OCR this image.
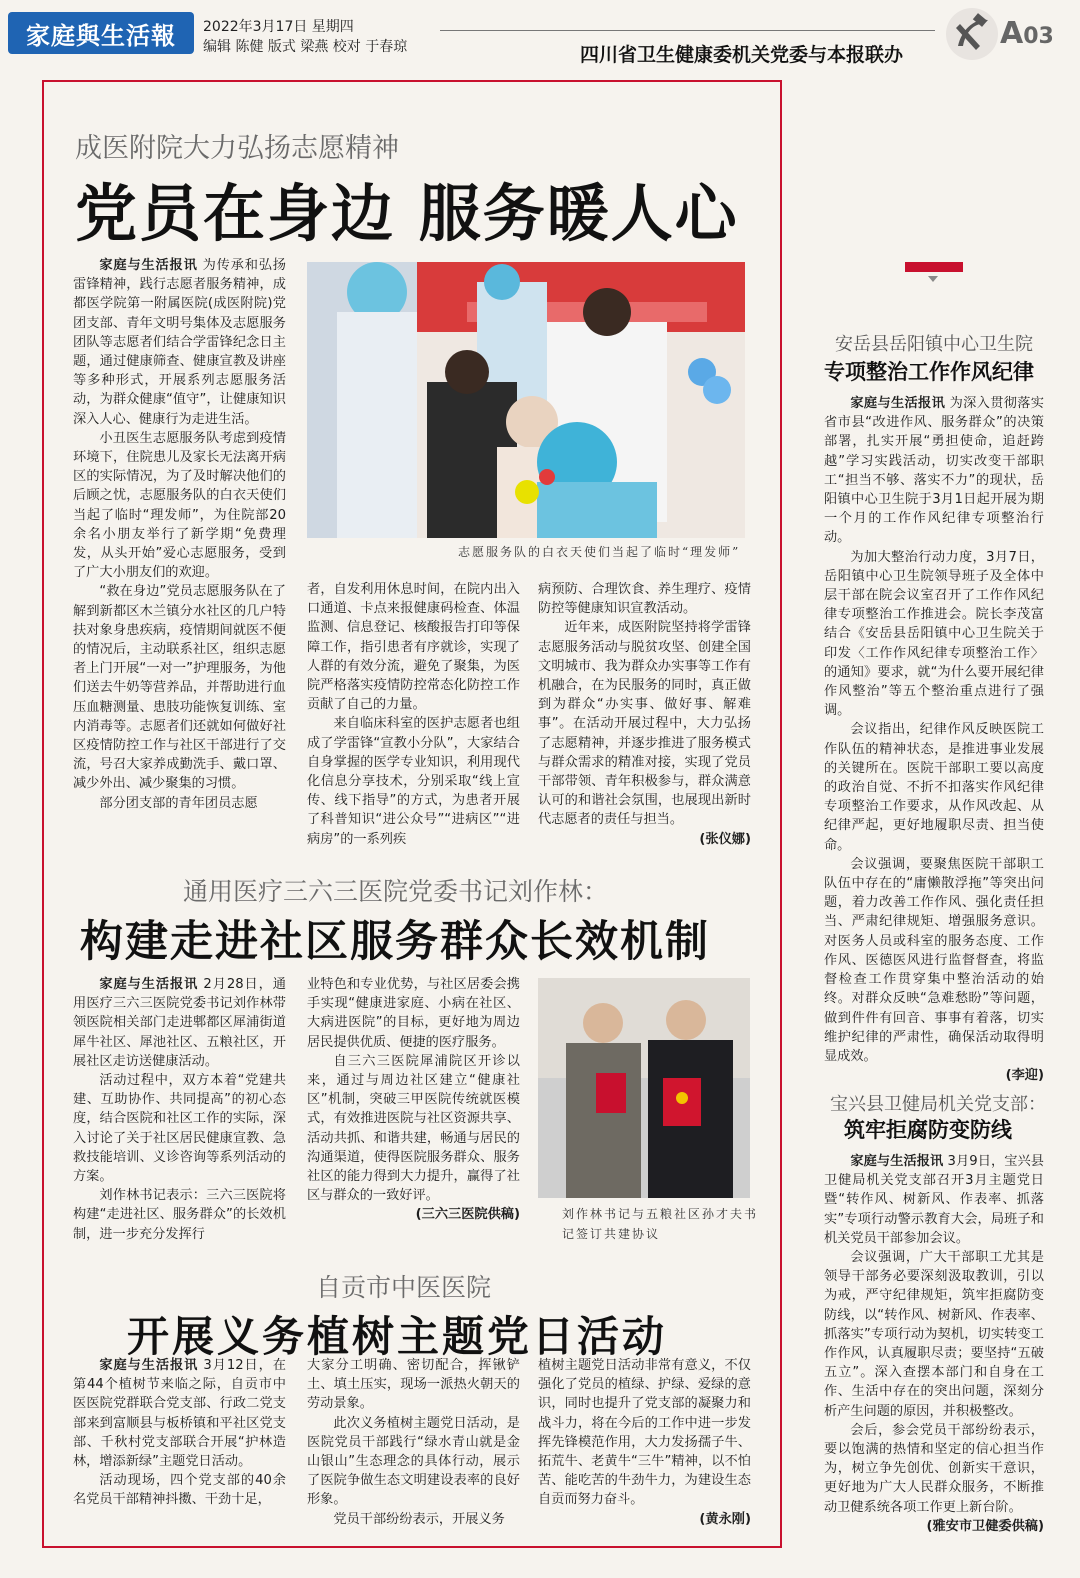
家庭與生活報	2022年3月17日 星期四
编辑 陈健 版式 梁燕 校对 于春琼	四川省卫生健康委机关党委与本报联办
A03
成医附院大力弘扬志愿精神
党员在身边 服务暖人心

家庭与生活报讯 为传承和弘扬雷锋精神，践行志愿者服务精神，成都医学院第一附属医院(成医附院)党团支部、青年文明号集体及志愿服务团队等志愿者们结合学雷锋纪念日主题，通过健康筛查、健康宣教及讲座等多种形式，开展系列志愿服务活动，为群众健康“值守”，让健康知识深入人心、健康行为走进生活。

小丑医生志愿服务队考虑到疫情环境下，住院患儿及家长无法离开病区的实际情况，为了及时解决他们的后顾之忧，志愿服务队的白衣天使们当起了临时“理发师”，为住院部20余名小朋友举行了新学期“免费理发，从头开始”爱心志愿服务，受到了广大小朋友们的欢迎。

“救在身边”党员志愿服务队在了解到新都区木兰镇分水社区的几户特扶对象身患疾病，疫情期间就医不便的情况后，主动联系社区，组织志愿者上门开展“一对一”护理服务，为他们送去牛奶等营养品，并帮助进行血压血糖测量、患肢功能恢复训练、室内消毒等。志愿者们还就如何做好社区疫情防控工作与社区干部进行了交流，号召大家养成勤洗手、戴口罩、减少外出、减少聚集的习惯。

部分团支部的青年团员志愿

志愿服务队的白衣天使们当起了临时“理发师”

者，自发利用休息时间，在院内出入口通道、卡点来报健康码检查、体温监测、信息登记、核酸报告打印等保障工作，指引患者有序就诊，实现了人群的有效分流，避免了聚集，为医院严格落实疫情防控常态化防控工作贡献了自己的力量。

来自临床科室的医护志愿者也组成了学雷锋“宣教小分队”，大家结合自身掌握的医学专业知识，利用现代化信息分享技术，分别采取“线上宣传、线下指导”的方式，为患者开展了科普知识“进公众号”“进病区”“进病房”的一系列疾

病预防、合理饮食、养生理疗、疫情防控等健康知识宣教活动。

近年来，成医附院坚持将学雷锋志愿服务活动与脱贫攻坚、创建全国文明城市、我为群众办实事等工作有机融合，在为民服务的同时，真正做到为群众“办实事、做好事、解难事”。在活动开展过程中，大力弘扬了志愿精神，并逐步推进了服务模式与群众需求的精准对接，实现了党员干部带领、青年积极参与，群众满意认可的和谐社会氛围，也展现出新时代志愿者的责任与担当。

(张仪娜)
通用医疗三六三医院党委书记刘作林：
构建走进社区服务群众长效机制

家庭与生活报讯 2月28日，通用医疗三六三医院党委书记刘作林带领医院相关部门走进郫都区犀浦街道犀牛社区、犀池社区、五粮社区，开展社区走访送健康活动。

活动过程中，双方本着“党建共建、互助协作、共同提高”的初心态度，结合医院和社区工作的实际，深入讨论了关于社区居民健康宣教、急救技能培训、义诊咨询等系列活动的方案。

刘作林书记表示：三六三医院将构建“走进社区、服务群众”的长效机制，进一步充分发挥行

业特色和专业优势，与社区居委会携手实现“健康进家庭、小病在社区、大病进医院”的目标，更好地为周边居民提供优质、便捷的医疗服务。

自三六三医院犀浦院区开诊以来，通过与周边社区建立“健康社区”机制，突破三甲医院传统就医模式，有效推进医院与社区资源共享、活动共抓、和谐共建，畅通与居民的沟通渠道，使得医院服务群众、服务社区的能力得到大力提升，赢得了社区与群众的一致好评。

(三六三医院供稿)	刘作林书记与五粮社区孙才夫书记签订共建协议
自贡市中医医院
开展义务植树主题党日活动

家庭与生活报讯 3月12日，在第44个植树节来临之际，自贡市中医医院党群联合党支部、行政二党支部来到富顺县与板桥镇和平社区党支部、千秋村党支部联合开展“护林造林，增添新绿”主题党日活动。

活动现场，四个党支部的40余名党员干部精神抖擞、干劲十足，

大家分工明确、密切配合，挥锹铲土、填土压实，现场一派热火朝天的劳动景象。

此次义务植树主题党日活动，是医院党员干部践行“绿水青山就是金山银山”生态理念的具体行动，展示了医院争做生态文明建设表率的良好形象。

党员干部纷纷表示，开展义务

植树主题党日活动非常有意义，不仅强化了党员的植绿、护绿、爱绿的意识，同时也提升了党支部的凝聚力和战斗力，将在今后的工作中进一步发挥先锋模范作用，大力发扬孺子牛、拓荒牛、老黄牛“三牛”精神，以不怕苦、能吃苦的牛劲牛力，为建设生态自贡而努力奋斗。

(黄永刚)
安岳县岳阳镇中心卫生院
专项整治工作作风纪律

家庭与生活报讯 为深入贯彻落实省市县“改进作风、服务群众”的决策部署，扎实开展“勇担使命，追赶跨越”学习实践活动，切实改变干部职工“担当不够、落实不力”的现状，岳阳镇中心卫生院于3月1日起开展为期一个月的工作作风纪律专项整治行动。

为加大整治行动力度，3月7日，岳阳镇中心卫生院领导班子及全体中层干部在院会议室召开了工作作风纪律专项整治工作推进会。院长李茂富结合《安岳县岳阳镇中心卫生院关于印发〈工作作风纪律专项整治工作〉的通知》要求，就“为什么要开展纪律作风整治”等五个整治重点进行了强调。

会议指出，纪律作风反映医院工作队伍的精神状态，是推进事业发展的关键所在。医院干部职工要以高度的政治自觉、不折不扣落实作风纪律专项整治工作要求，从作风改起、从纪律严起，更好地履职尽责、担当使命。

会议强调，要聚焦医院干部职工队伍中存在的“庸懒散浮拖”等突出问题，着力改善工作作风、强化责任担当、严肃纪律规矩、增强服务意识。对医务人员或科室的服务态度、工作作风、医德医风进行监督督查，将监督检查工作贯穿集中整治活动的始终。对群众反映“急难愁盼”等问题，做到件件有回音、事事有着落，切实维护纪律的严肃性，确保活动取得明显成效。

(李迎)
宝兴县卫健局机关党支部：
筑牢拒腐防变防线

家庭与生活报讯 3月9日，宝兴县卫健局机关党支部召开3月主题党日暨“转作风、树新风、作表率、抓落实”专项行动警示教育大会，局班子和机关党员干部参加会议。

会议强调，广大干部职工尤其是领导干部务必要深刻汲取教训，引以为戒，严守纪律规矩，筑牢拒腐防变防线，以“转作风、树新风、作表率、抓落实”专项行动为契机，切实转变工作作风，认真履职尽责；要坚持“五破五立”。深入查摆本部门和自身在工作、生活中存在的突出问题，深刻分析产生问题的原因，并积极整改。

会后，参会党员干部纷纷表示，要以饱满的热情和坚定的信心担当作为，树立争先创优、创新实干意识，更好地为广大人民群众服务，不断推动卫健系统各项工作更上新台阶。

(雅安市卫健委供稿)
